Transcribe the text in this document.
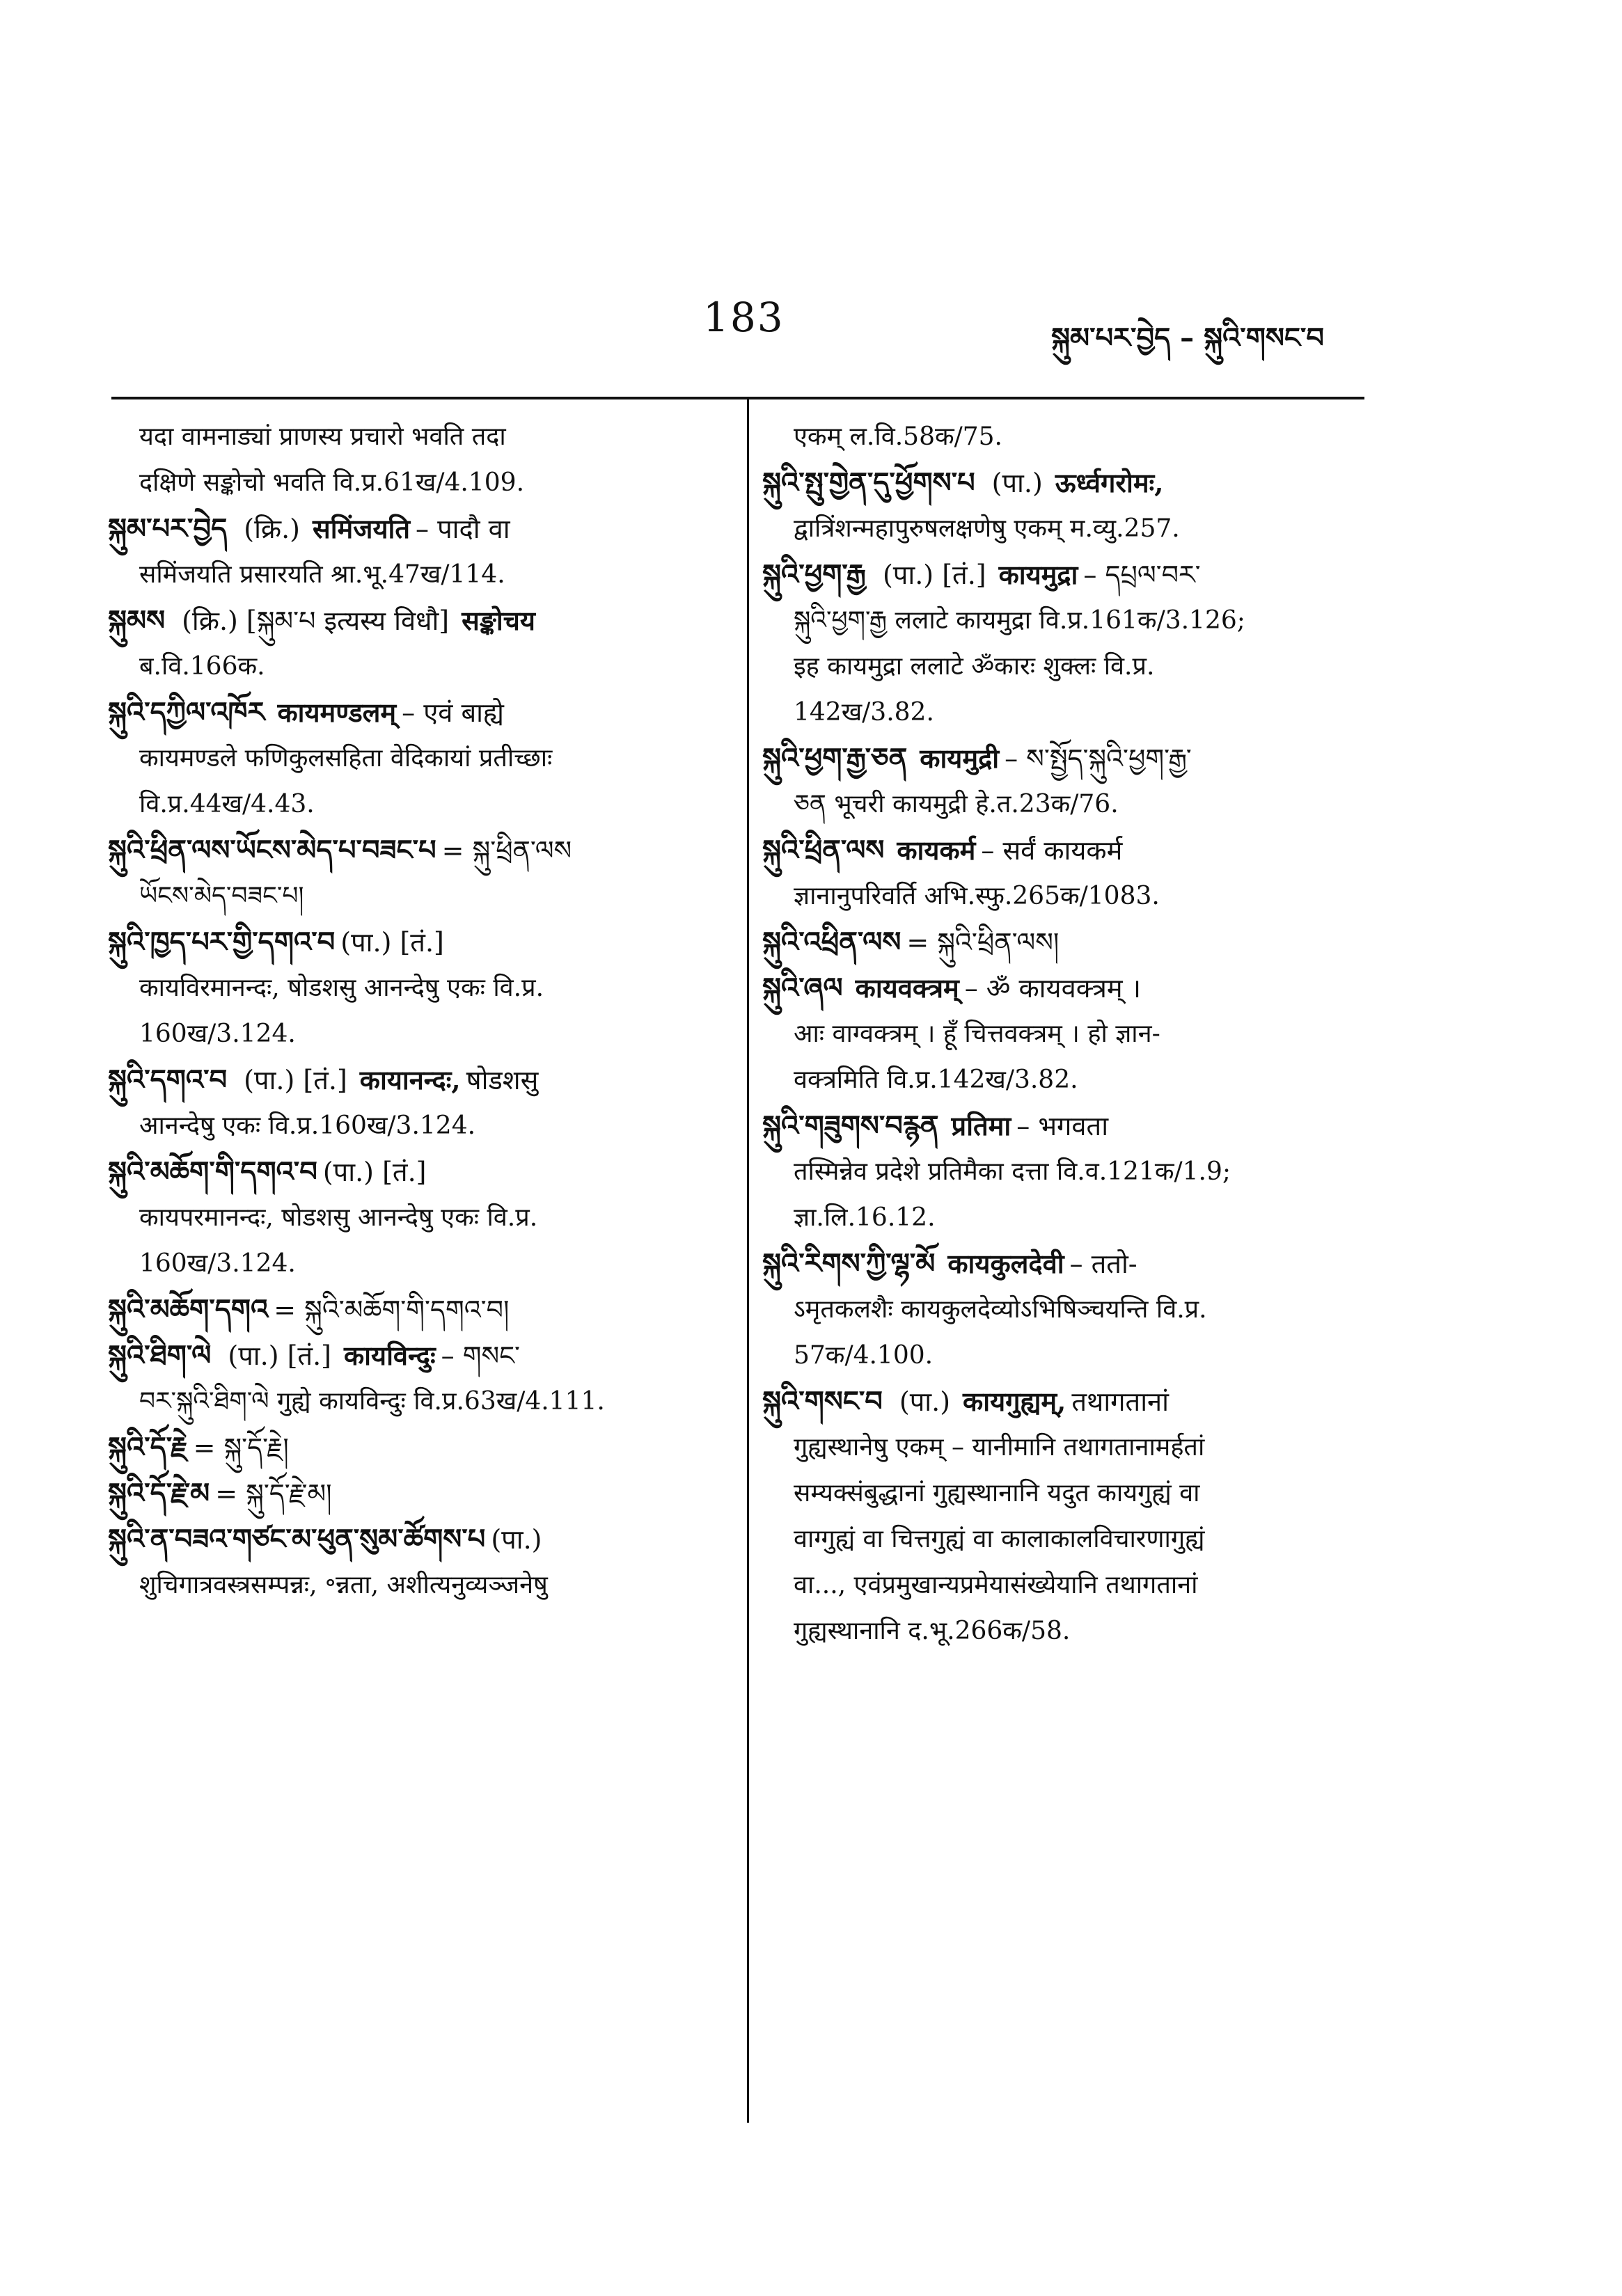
183	སྐུམ་པར་བྱེད – སྐུའི་གསང་བ
यदा वामनाड्यां प्राणस्य प्रचारो भवति तदा
दक्षिणे सङ्कोचो भवति वि.प्र.61ख/4.109.
སྐུམ་པར་བྱེད (क्रि.) समिंजयति – पादौ वा
समिंजयति प्रसारयति श्रा.भू.47ख/114.
སྐུམས (क्रि.) [སྐུམ་པ इत्यस्य विधौ] सङ्कोचय
ब.वि.166क.
སྐུའི་དཀྱིལ་འཁོར कायमण्डलम् – एवं बाह्ये
कायमण्डले फणिकुलसहिता वेदिकायां प्रतीच्छाः
वि.प्र.44ख/4.43.
སྐུའི་ཕྲིན་ལས་ཡོངས་མེད་པ་བཟང་པ = སྐུ་ཕྲིན་ལས
ཡོངས་མེད་བཟང་པ།
སྐུའི་ཁྱད་པར་གྱི་དགའ་བ (पा.) [तं.]
कायविरमानन्दः, षोडशसु आनन्देषु एकः वि.प्र.
160ख/3.124.
སྐུའི་དགའ་བ (पा.) [तं.] कायानन्दः, षोडशसु
आनन्देषु एकः वि.प्र.160ख/3.124.
སྐུའི་མཆོག་གི་དགའ་བ (पा.) [तं.]
कायपरमानन्दः, षोडशसु आनन्देषु एकः वि.प्र.
160ख/3.124.
སྐུའི་མཆོག་དགའ = སྐུའི་མཆོག་གི་དགའ་བ།
སྐུའི་ཐིག་ལེ (पा.) [तं.] कायविन्दुः – གསང་
བར་སྐུའི་ཐིག་ལེ गुह्ये कायविन्दुः वि.प्र.63ख/4.111.
སྐུའི་དོ་རྗེ = སྐུ་དོ་རྗེ།
སྐུའི་དོ་རྗེ་མ = སྐུ་དོ་རྗེ་མ།
སྐུའི་ན་བཟའ་གཙང་མ་ཕུན་སུམ་ཚོགས་པ (पा.)
शुचिगात्रवस्त्रसम्पन्नः, ॰न्नता, अशीत्यनुव्यञ्जनेषु
एकम् ल.वि.58क/75.
སྐུའི་སྤུ་གྱེན་དུ་ཕྱོགས་པ (पा.) ऊर्ध्वगरोमः,
द्वात्रिंशन्महापुरुषलक्षणेषु एकम् म.व्यु.257.
སྐུའི་ཕྱག་རྒྱ (पा.) [तं.] कायमुद्रा – དཔྲལ་བར་
སྐུའི་ཕྱག་རྒྱ ललाटे कायमुद्रा वि.प्र.161क/3.126;
इह कायमुद्रा ललाटे ॐकारः शुक्लः वि.प्र.
142ख/3.82.
སྐུའི་ཕྱག་རྒྱ་ཅན कायमुद्री – ས་སྤྱོད་སྐུའི་ཕྱག་རྒྱ་
ཅན भूचरी कायमुद्री हे.त.23क/76.
སྐུའི་ཕྲིན་ལས कायकर्म – सर्वं कायकर्म
ज्ञानानुपरिवर्ति अभि.स्फु.265क/1083.
སྐུའི་འཕྲིན་ལས = སྐུའི་ཕྲིན་ལས།
སྐུའི་ཞལ कायवक्त्रम् – ॐ कायवक्त्रम् ।
आः वाग्वक्त्रम् । हूँ चित्तवक्त्रम् । हो ज्ञान-
वक्त्रमिति वि.प्र.142ख/3.82.
སྐུའི་གཟུགས་བརྙན प्रतिमा – भगवता
तस्मिन्नेव प्रदेशे प्रतिमैका दत्ता वि.व.121क/1.9;
ज्ञा.लि.16.12.
སྐུའི་རིགས་ཀྱི་ལྷ་མོ कायकुलदेवी – ततो-
ऽमृतकलशैः कायकुलदेव्योऽभिषिञ्चयन्ति वि.प्र.
57क/4.100.
སྐུའི་གསང་བ (पा.) कायगुह्यम्, तथागतानां
गुह्यस्थानेषु एकम् – यानीमानि तथागतानामर्हतां
सम्यक्संबुद्धानां गुह्यस्थानानि यदुत कायगुह्यं वा
वाग्गुह्यं वा चित्तगुह्यं वा कालाकालविचारणागुह्यं
वा..., एवंप्रमुखान्यप्रमेयासंख्येयानि तथागतानां
गुह्यस्थानानि द.भू.266क/58.
